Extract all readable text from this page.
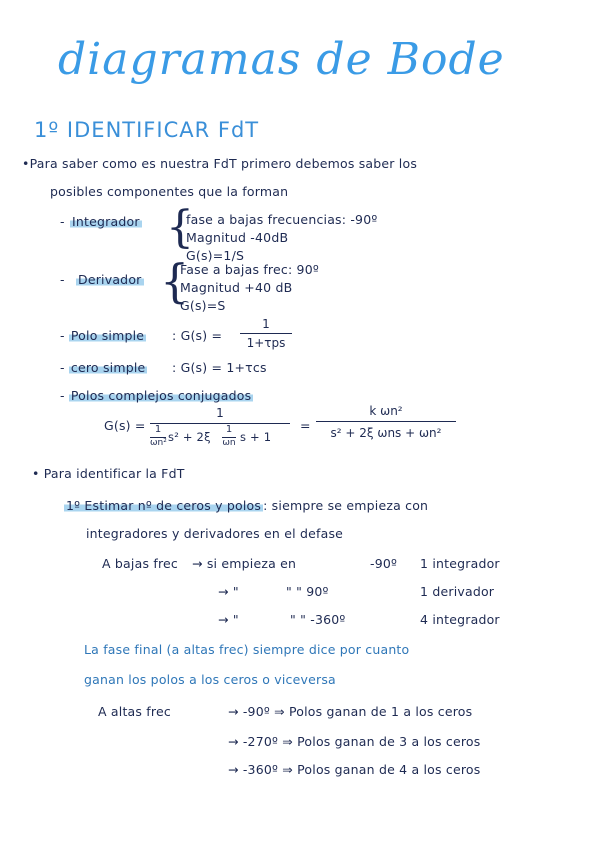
diagramas de Bode
1º IDENTIFICAR FdT
•Para saber como es nuestra FdT primero debemos saber los
posibles componentes que la forman
- Integrador {
fase a bajas frecuencias: -90º
Magnitud -40dB
G(s)=1/S
- Derivador {
Fase a bajas frec: 90º
Magnitud +40 dB
G(s)=S
- Polo simple : G(s) =
1
1+τps
- cero simple : G(s) = 1+τcs
- Polos complejos conjugados
G(s) =
1
1
ωn² s² + 2ξ
1
ωn s + 1
=
k ωn²
s² + 2ξ ωns + ωn²
• Para identificar la FdT
1º Estimar nº de ceros y polos : siempre se empieza con
integradores y derivadores en el defase
A bajas frec → si empieza en	-90º 1 integrador
→ "	" " 90º	1 derivador
→ "	" " -360º	4 integrador
La fase final (a altas frec) siempre dice por cuanto
ganan los polos a los ceros o viceversa
A altas frec	→ -90º ⇒ Polos ganan de 1 a los ceros
→ -270º ⇒ Polos ganan de 3 a los ceros
→ -360º ⇒ Polos ganan de 4 a los ceros
